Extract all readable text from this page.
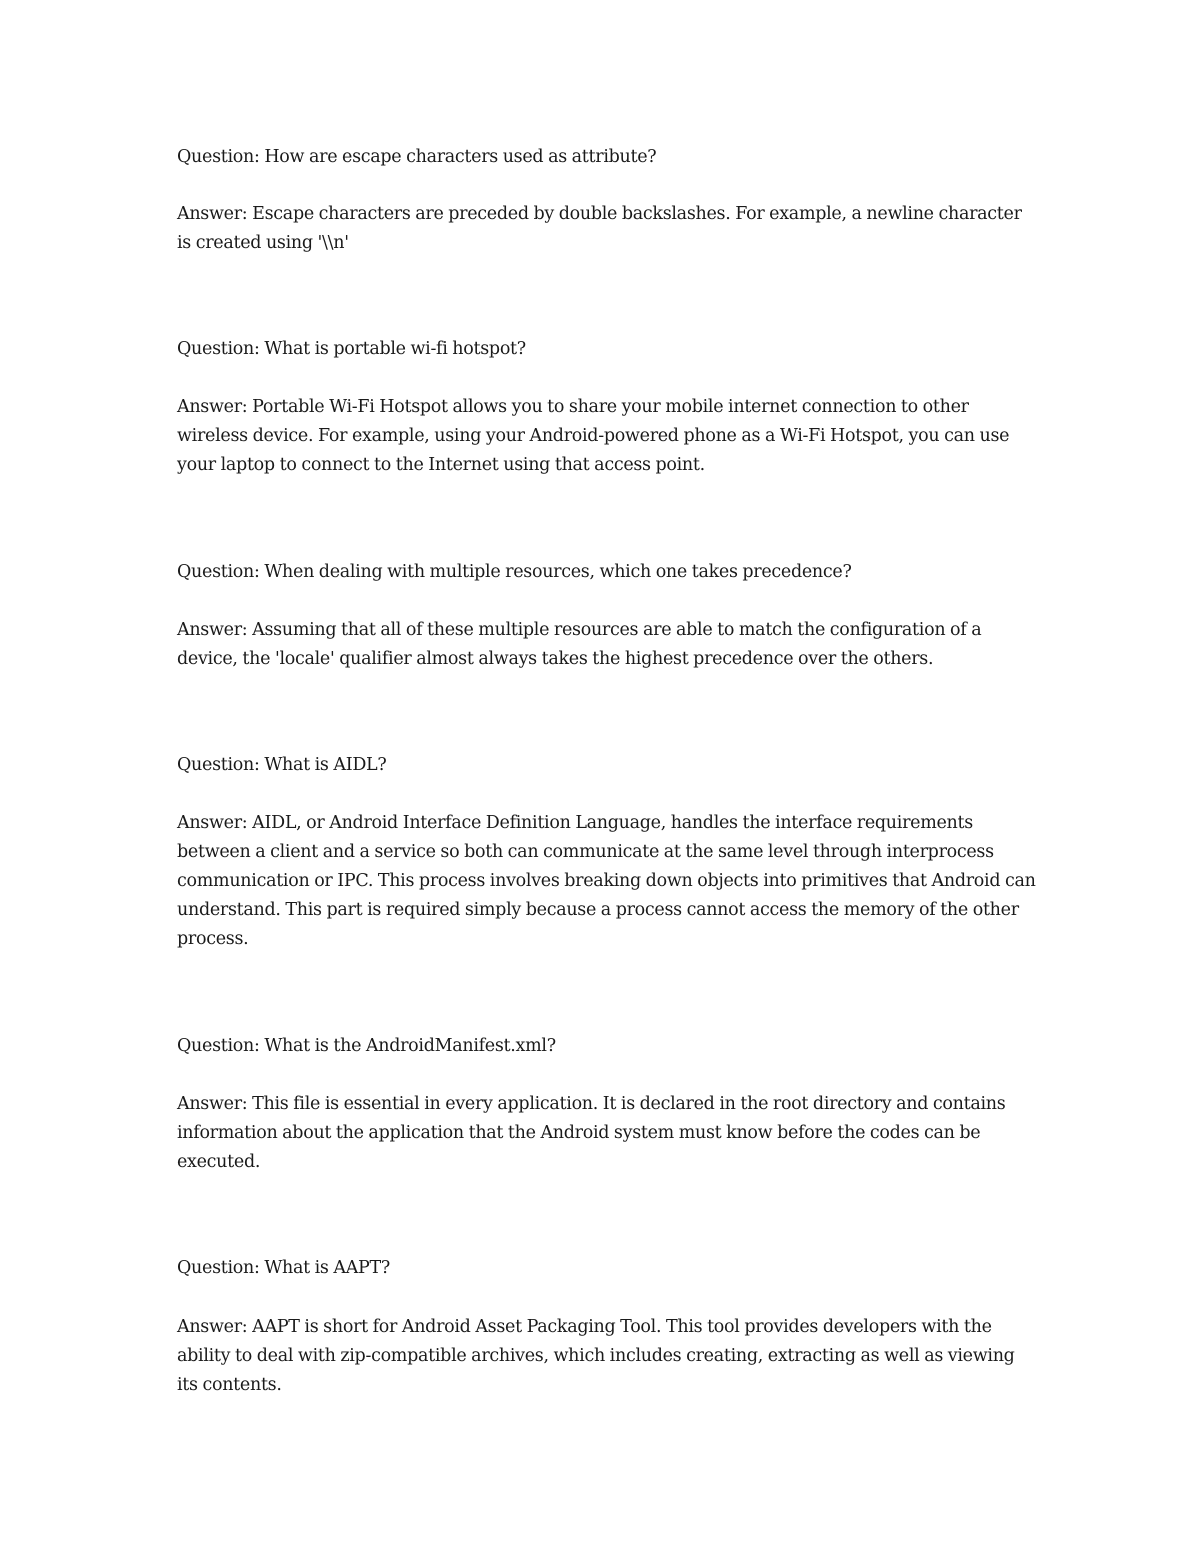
Question: How are escape characters used as attribute?

Answer: Escape characters are preceded by double backslashes. For example, a newline character is created using '\\n'

Question: What is portable wi-fi hotspot?

Answer: Portable Wi-Fi Hotspot allows you to share your mobile internet connection to other wireless device. For example, using your Android-powered phone as a Wi-Fi Hotspot, you can use your laptop to connect to the Internet using that access point.

Question: When dealing with multiple resources, which one takes precedence?

Answer: Assuming that all of these multiple resources are able to match the configuration of a device, the 'locale' qualifier almost always takes the highest precedence over the others.

Question: What is AIDL?

Answer: AIDL, or Android Interface Definition Language, handles the interface requirements between a client and a service so both can communicate at the same level through interprocess communication or IPC. This process involves breaking down objects into primitives that Android can understand. This part is required simply because a process cannot access the memory of the other process.

Question: What is the AndroidManifest.xml?

Answer: This file is essential in every application. It is declared in the root directory and contains information about the application that the Android system must know before the codes can be executed.

Question: What is AAPT?

Answer: AAPT is short for Android Asset Packaging Tool. This tool provides developers with the ability to deal with zip-compatible archives, which includes creating, extracting as well as viewing its contents.
